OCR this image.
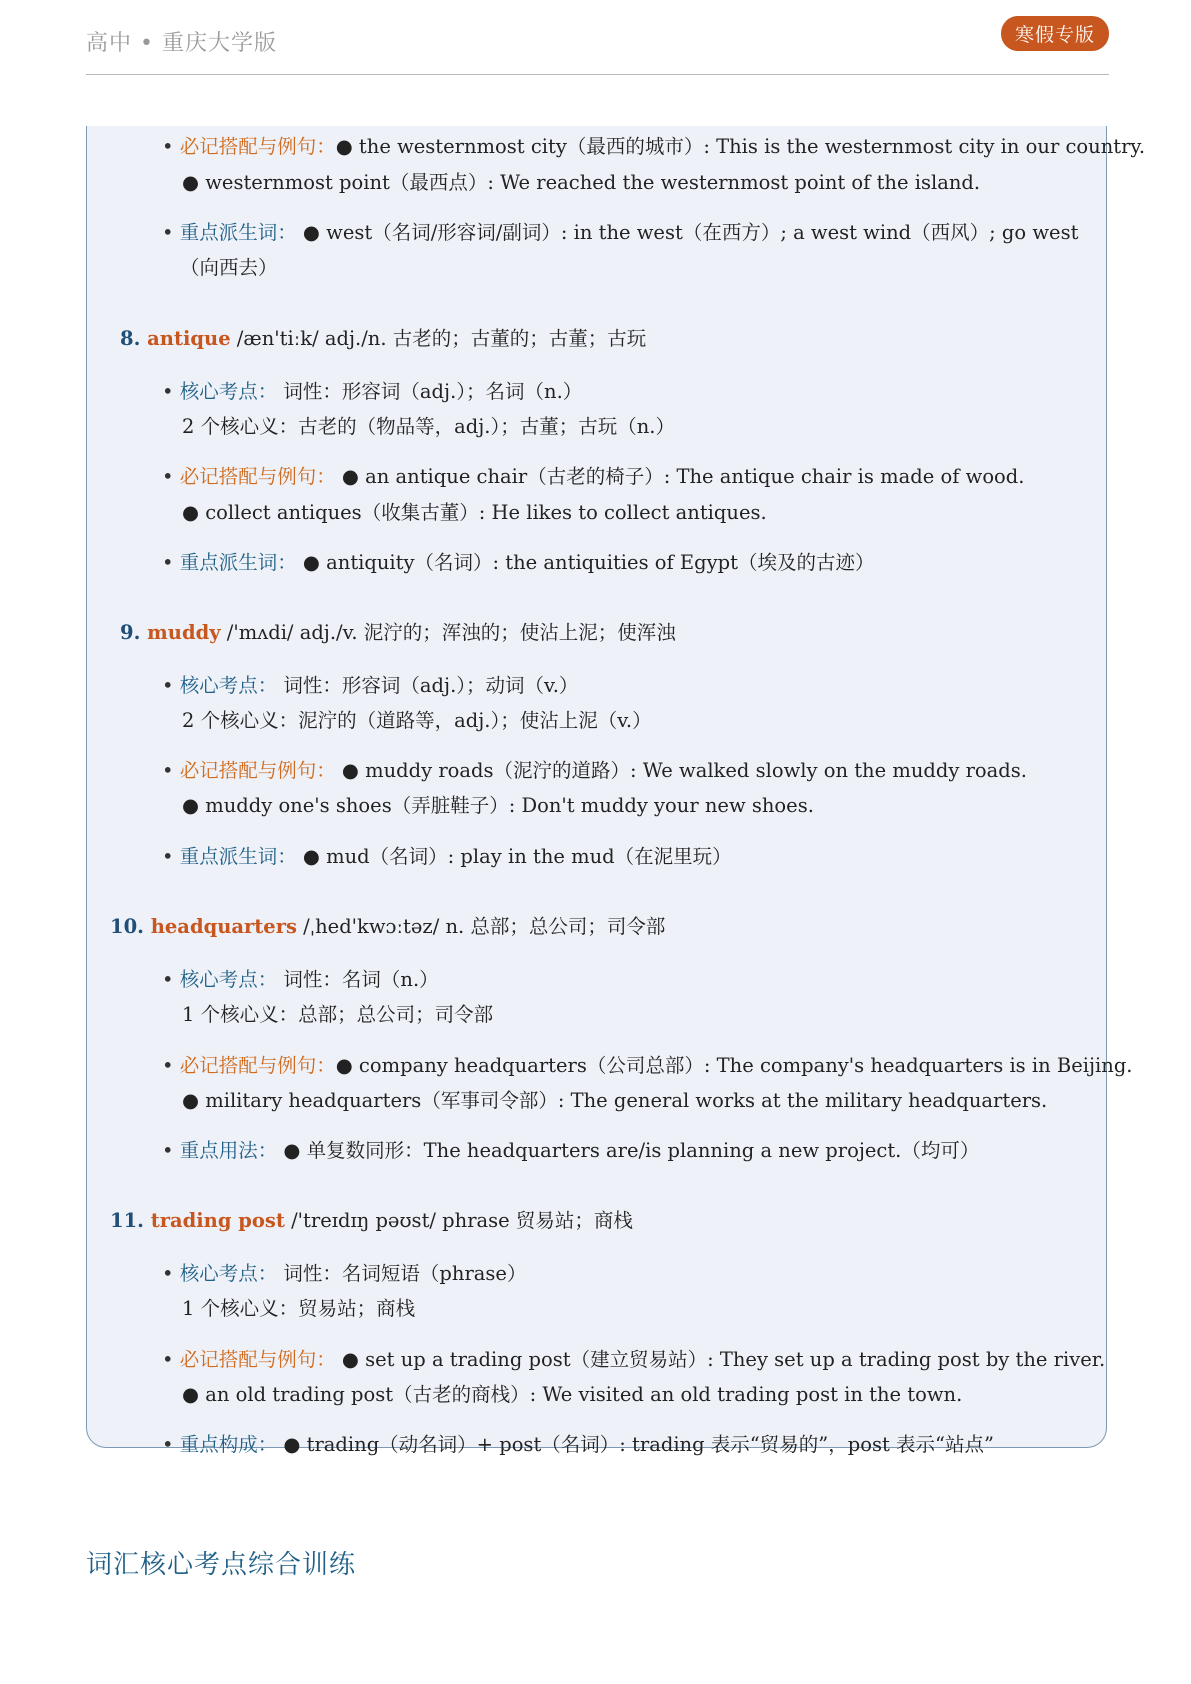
高中 • 重庆大学版	寒假专版
• 必记搭配与例句：● the westernmost city（最西的城市）: This is the westernmost city in our country.
● westernmost point（最西点）: We reached the westernmost point of the island.
• 重点派生词： ● west（名词/形容词/副词）: in the west（在西方）; a west wind（西风）; go west
（向西去）
8. antique /æn'tiːk/ adj./n. 古老的；古董的；古董；古玩
• 核心考点： 词性：形容词（adj.）；名词（n.）
2 个核心义：古老的（物品等，adj.）；古董；古玩（n.）
• 必记搭配与例句： ● an antique chair（古老的椅子）: The antique chair is made of wood.
● collect antiques（收集古董）: He likes to collect antiques.
• 重点派生词： ● antiquity（名词）: the antiquities of Egypt（埃及的古迹）
9. muddy /'mʌdi/ adj./v. 泥泞的；浑浊的；使沾上泥；使浑浊
• 核心考点： 词性：形容词（adj.）；动词（v.）
2 个核心义：泥泞的（道路等，adj.）；使沾上泥（v.）
• 必记搭配与例句： ● muddy roads（泥泞的道路）: We walked slowly on the muddy roads.
● muddy one's shoes（弄脏鞋子）: Don't muddy your new shoes.
• 重点派生词： ● mud（名词）: play in the mud（在泥里玩）
10. headquarters /ˌhed'kwɔːtəz/ n. 总部；总公司；司令部
• 核心考点： 词性：名词（n.）
1 个核心义：总部；总公司；司令部
• 必记搭配与例句：● company headquarters（公司总部）: The company's headquarters is in Beijing.
● military headquarters（军事司令部）: The general works at the military headquarters.
• 重点用法： ● 单复数同形：The headquarters are/is planning a new project.（均可）
11. trading post /'treɪdɪŋ pəʊst/ phrase 贸易站；商栈
• 核心考点： 词性：名词短语（phrase）
1 个核心义：贸易站；商栈
• 必记搭配与例句： ● set up a trading post（建立贸易站）: They set up a trading post by the river.
● an old trading post（古老的商栈）: We visited an old trading post in the town.
• 重点构成： ● trading（动名词）+ post（名词）: trading 表示“贸易的”，post 表示“站点”
词汇核心考点综合训练
